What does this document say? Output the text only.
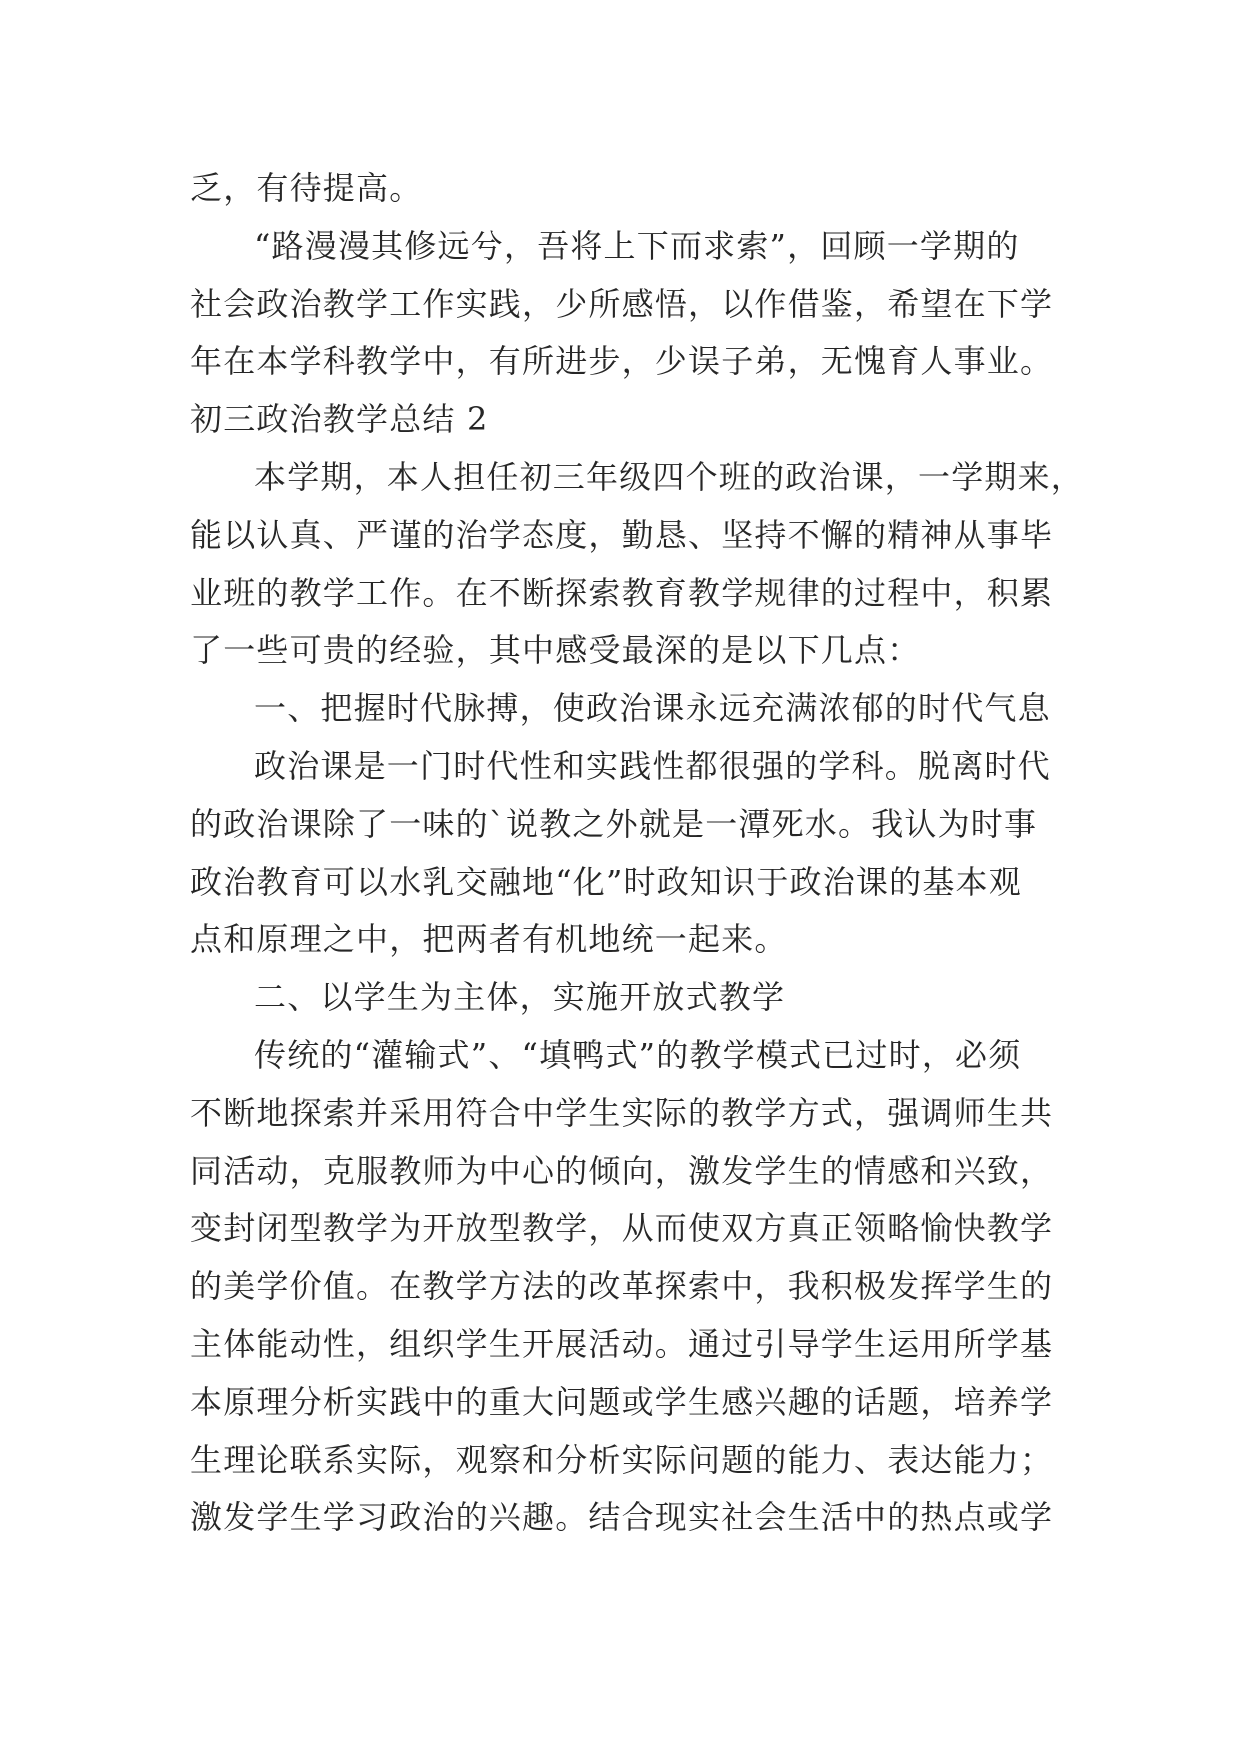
乏，有待提高。
“路漫漫其修远兮，吾将上下而求索”，回顾一学期的
社会政治教学工作实践，少所感悟，以作借鉴，希望在下学
年在本学科教学中，有所进步，少误子弟，无愧育人事业。
初三政治教学总结 2
本学期，本人担任初三年级四个班的政治课，一学期来，
能以认真、严谨的治学态度，勤恳、坚持不懈的精神从事毕
业班的教学工作。在不断探索教育教学规律的过程中，积累
了一些可贵的经验，其中感受最深的是以下几点：
一、把握时代脉搏，使政治课永远充满浓郁的时代气息
政治课是一门时代性和实践性都很强的学科。脱离时代
的政治课除了一味的`说教之外就是一潭死水。我认为时事
政治教育可以水乳交融地“化”时政知识于政治课的基本观
点和原理之中，把两者有机地统一起来。
二、以学生为主体，实施开放式教学
传统的“灌输式”、“填鸭式”的教学模式已过时，必须
不断地探索并采用符合中学生实际的教学方式，强调师生共
同活动，克服教师为中心的倾向，激发学生的情感和兴致，
变封闭型教学为开放型教学，从而使双方真正领略愉快教学
的美学价值。在教学方法的改革探索中，我积极发挥学生的
主体能动性，组织学生开展活动。通过引导学生运用所学基
本原理分析实践中的重大问题或学生感兴趣的话题，培养学
生理论联系实际，观察和分析实际问题的能力、表达能力；
激发学生学习政治的兴趣。结合现实社会生活中的热点或学
